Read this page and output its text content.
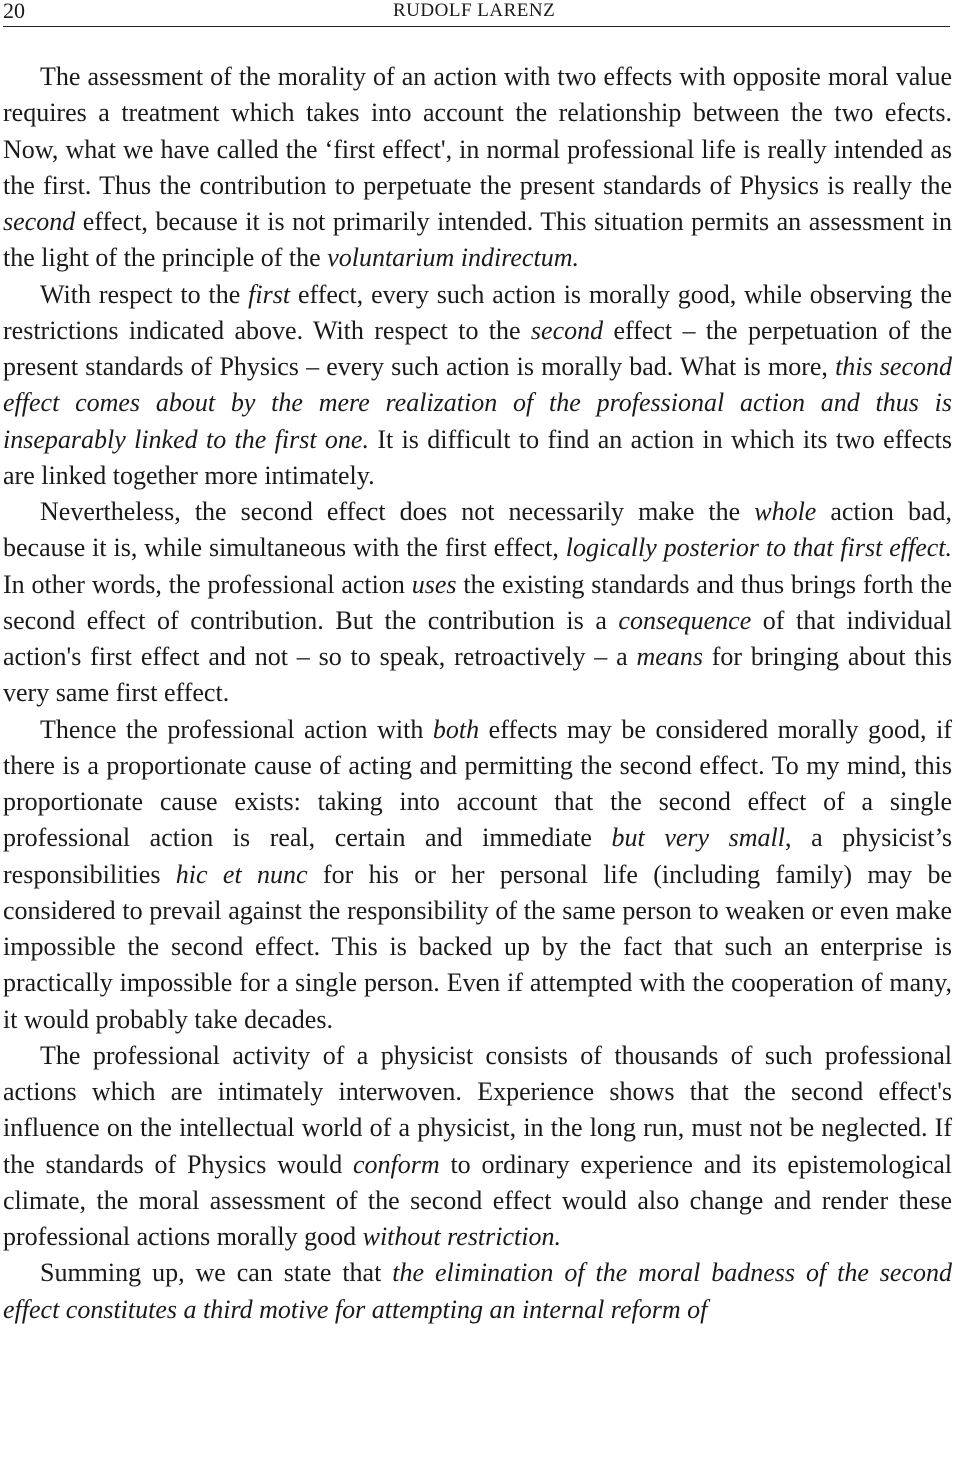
20	RUDOLF LARENZ

The assessment of the morality of an action with two effects with opposite moral value requires a treatment which takes into account the relationship between the two efects. Now, what we have called the ‘first effect', in normal professional life is really intended as the first. Thus the contribution to perpetuate the present standards of Physics is really the second effect, because it is not primarily intended. This situation permits an assessment in the light of the principle of the voluntarium indirectum.

With respect to the first effect, every such action is morally good, while observing the restrictions indicated above. With respect to the second effect – the perpetuation of the present standards of Physics – every such action is morally bad. What is more, this second effect comes about by the mere realization of the professional action and thus is inseparably linked to the first one. It is difficult to find an action in which its two effects are linked together more intimately.

Nevertheless, the second effect does not necessarily make the whole action bad, because it is, while simultaneous with the first effect, logically posterior to that first effect. In other words, the professional action uses the existing standards and thus brings forth the second effect of contribution. But the contribution is a consequence of that individual action's first effect and not – so to speak, retroactively – a means for bringing about this very same first effect.

Thence the professional action with both effects may be considered morally good, if there is a proportionate cause of acting and permitting the second effect. To my mind, this proportionate cause exists: taking into account that the second effect of a single professional action is real, certain and immediate but very small, a physicist’s responsibilities hic et nunc for his or her personal life (including family) may be considered to prevail against the responsibility of the same person to weaken or even make impossible the second effect. This is backed up by the fact that such an enterprise is practically impossible for a single person. Even if attempted with the cooperation of many, it would probably take decades.

The professional activity of a physicist consists of thousands of such professional actions which are intimately interwoven. Experience shows that the second effect's influence on the intellectual world of a physicist, in the long run, must not be neglected. If the standards of Physics would conform to ordinary experience and its epistemological climate, the moral assessment of the second effect would also change and render these professional actions morally good without restriction.

Summing up, we can state that the elimination of the moral badness of the second effect constitutes a third motive for attempting an internal reform of
